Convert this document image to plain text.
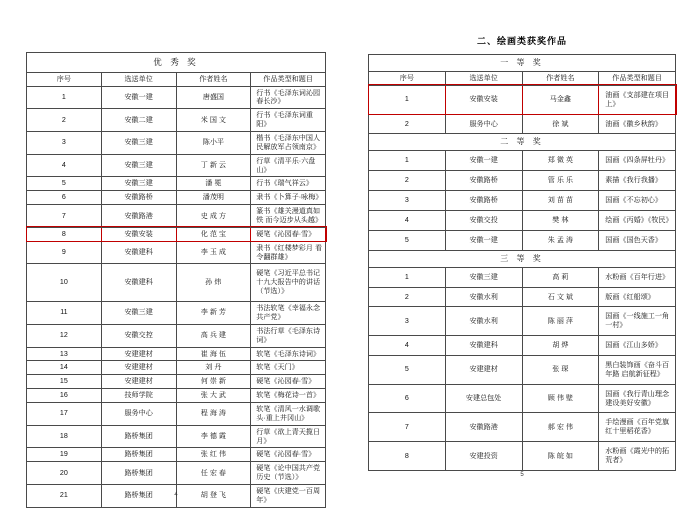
优 秀 奖			
序号	选送单位	作者姓名	作品类型和题目
1	安徽一建	唐盛国	行书《毛泽东词沁园春长沙》
2	安徽二建	米 国 文	行书《毛泽东词重阳》
3	安徽三建	陈小平	楷书《毛泽东中国人民解放军占领南京》
4	安徽三建	丁 新 云	行草《清平乐·六盘山》
5	安徽三建	潘 冕	行书《瑞气祥云》
6	安徽路桥	潘茂明	隶书《卜算子·咏梅》
7	安徽路港	史 成 方	篆书《雄关漫道真如铁 而今迈步从头越》
8	安徽安装	化 范 宝	硬笔《沁园春·雪》
9	安徽建科	李 玉 成	隶书《红楼梦彩月 看令翻群雄》
10	安徽建科	孙 炜	硬笔《习近平总书记十九大报告中的讲话（节选）》
11	安徽三建	李 新 芳	书法软笔《幸福永念共产党》
12	安徽交控	高 兵 建	书法行草《毛泽东诗词》
13	安建建材	崔 海 伍	软笔《毛泽东诗词》
14	安建建材	刘 丹	软笔《天门》
15	安建建材	何 崇 新	硬笔《沁园春·雪》
16	技师学院	张 大 武	软笔《梅花诗一首》
17	服务中心	程 海 涛	软笔《清风一水调歌头·重上井冈山》
18	路桥集团	李 德 霞	行草《欲上青天揽日月》
19	路桥集团	张 红 伟	硬笔《沁园春·雪》
20	路桥集团	任 宏 春	硬笔《论中国共产党历史（节选）》
21	路桥集团	胡 登 飞	硬笔《庆建党一百周年》
4
二、绘画类获奖作品
一 等 奖			
序号	选送单位	作者姓名	作品类型和题目
1	安徽安装	马金鑫	油画《支部建在项目上》
2	服务中心	徐 斌	油画《徽乡秋韵》
二 等 奖			
1	安徽一建	郑 微 英	国画《四条屏牡丹》
2	安徽路桥	管 乐 乐	素描《我行我播》
3	安徽路桥	刘 苗 苗	国画《不忘初心》
4	安徽交投	樊 林	绘画《丙婚》《牧民》
5	安徽一建	朱 孟 涛	国画《国色天香》
三 等 奖			
1	安徽三建	高 莉	水粉画《百年行进》
2	安徽水利	石 文 斌	版画《红船颂》
3	安徽水利	陈 丽 萍	国画《一线施工一角一村》
4	安徽建科	胡 烨	国画《江山多娇》
5	安建建材	张 琛	黑白装饰画《奋斗百年路 启航新征程》
6	安建总包处	顾 伟 壁	国画《我行青山理念 建设美好安徽》
7	安徽路港	郝 宏 伟	手绘漫画《百年党旗红十里稻花香》
8	安建投资	陈 皖 如	水粉画《霞光中的拓荒者》
5
